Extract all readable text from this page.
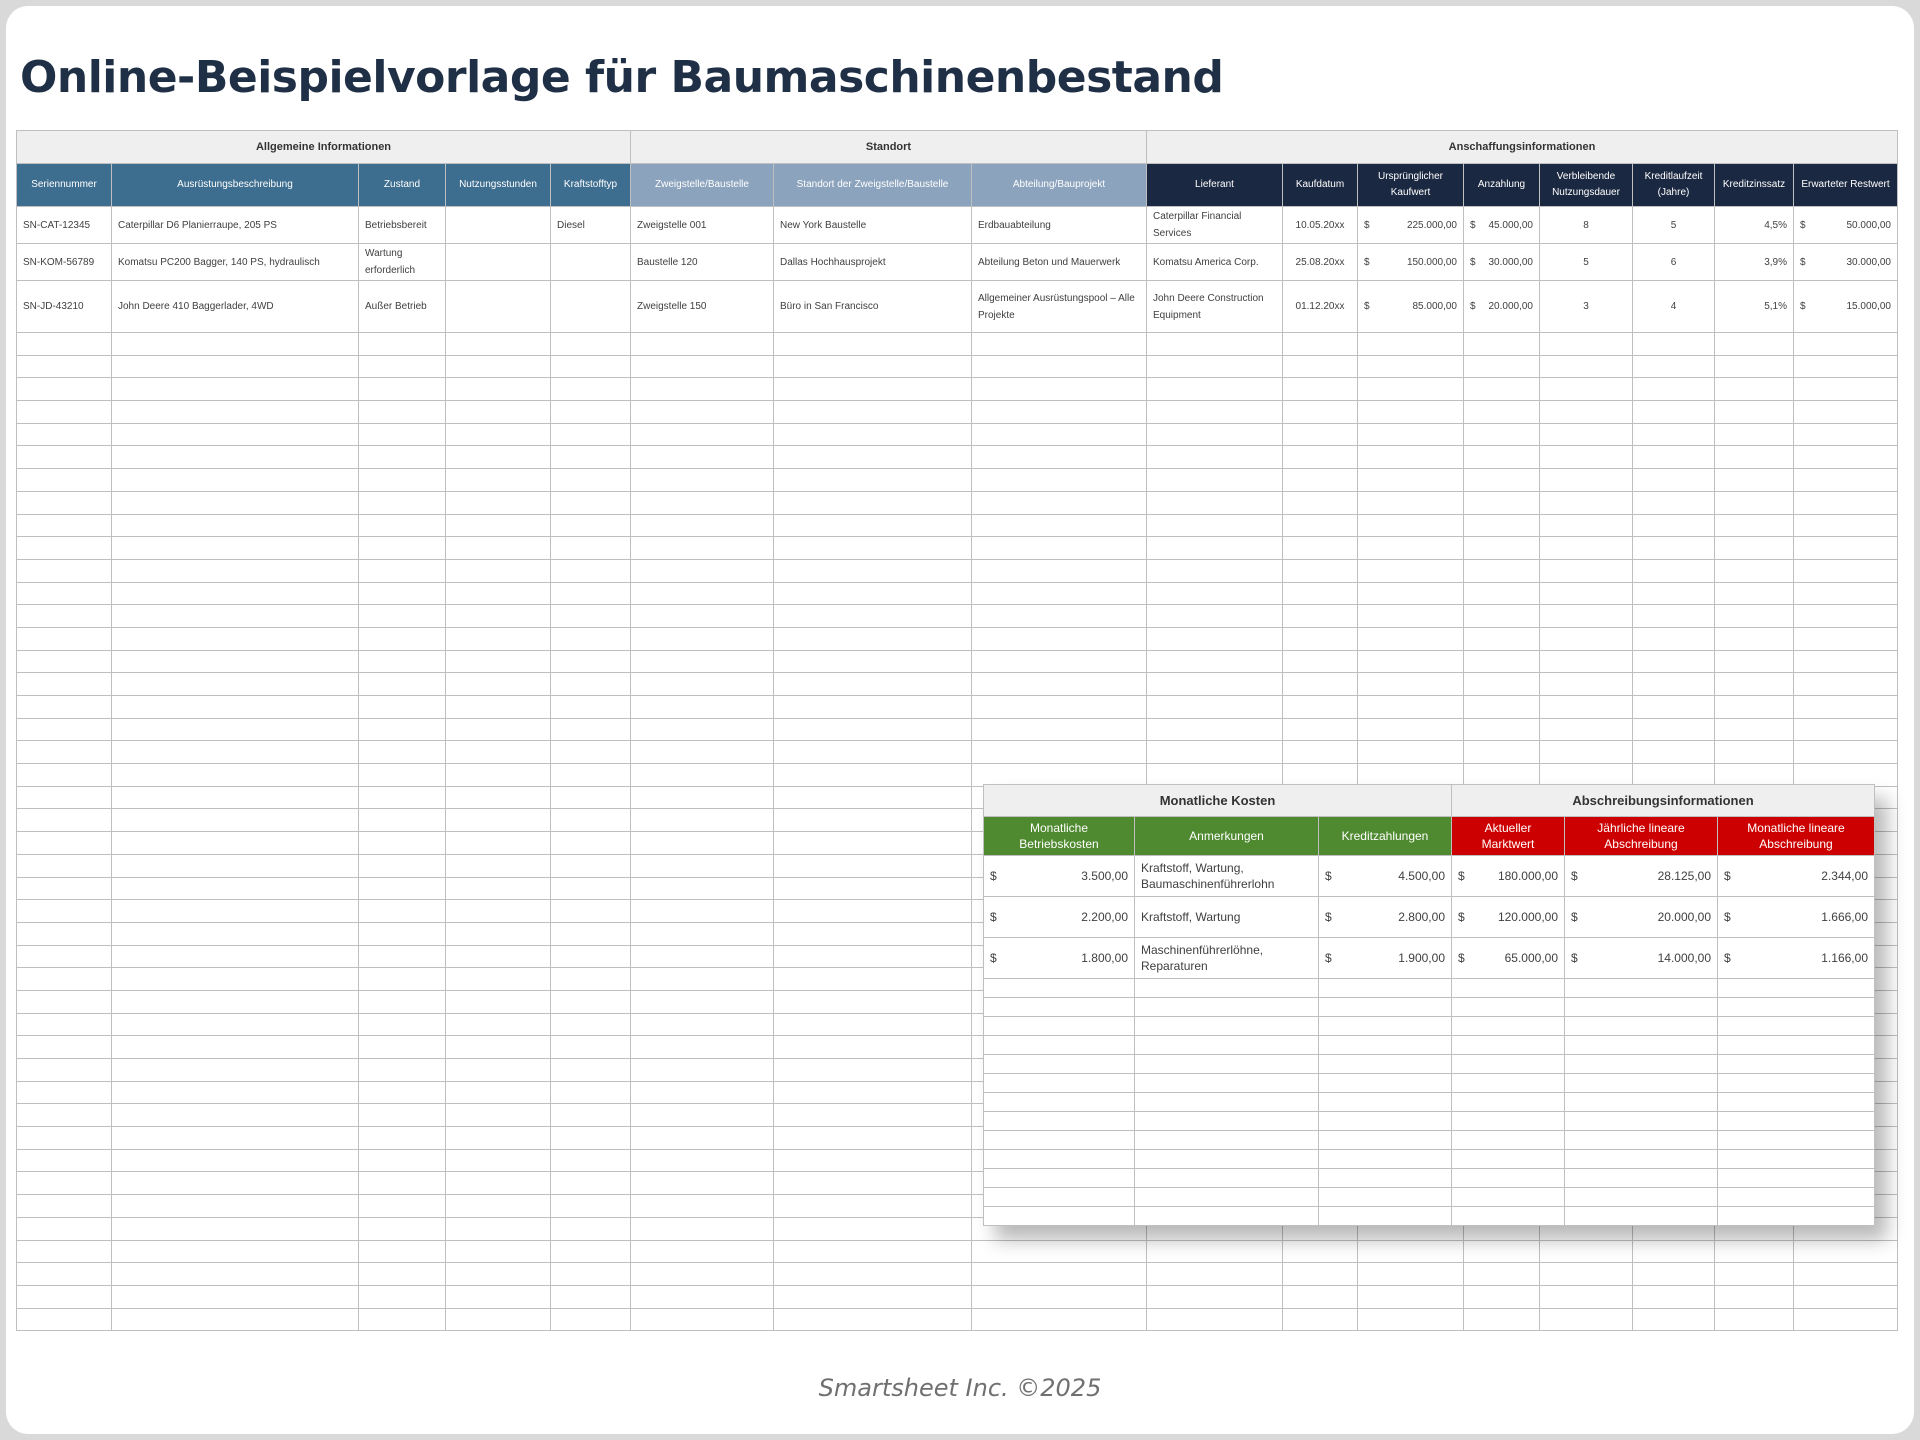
Online-Beispielvorlage für Baumaschinenbestand
Allgemeine Informationen					Standort			Anschaffungsinformationen							
Seriennummer	Ausrüstungsbeschreibung	Zustand	Nutzungsstunden	Kraftstofftyp	Zweigstelle/Baustelle	Standort der Zweigstelle/Baustelle	Abteilung/Bauprojekt	Lieferant	Kaufdatum	Ursprünglicher Kaufwert	Anzahlung	Verbleibende Nutzungsdauer	Kreditlaufzeit (Jahre)	Kreditzinssatz	Erwarteter Restwert
SN-CAT-12345	Caterpillar D6 Planierraupe, 205 PS	Betriebsbereit		Diesel	Zweigstelle 001	New York Baustelle	Erdbauabteilung	Caterpillar Financial Services	10.05.20xx	$ 225.000,00	$ 45.000,00	8	5	4,5%	$ 50.000,00
SN-KOM-56789	Komatsu PC200 Bagger, 140 PS, hydraulisch	Wartung erforderlich			Baustelle 120	Dallas Hochhausprojekt	Abteilung Beton und Mauerwerk	Komatsu America Corp.	25.08.20xx	$ 150.000,00	$ 30.000,00	5	6	3,9%	$ 30.000,00
SN-JD-43210	John Deere 410 Baggerlader, 4WD	Außer Betrieb			Zweigstelle 150	Büro in San Francisco	Allgemeiner Ausrüstungspool – Alle Projekte	John Deere Construction Equipment	01.12.20xx	$ 85.000,00	$ 20.000,00	3	4	5,1%	$ 15.000,00

Monatliche Kosten			Abschreibungsinformationen		
Monatliche Betriebskosten	Anmerkungen	Kreditzahlungen	Aktueller Marktwert	Jährliche lineare Abschreibung	Monatliche lineare Abschreibung

$ 3.500,00	Kraftstoff, Wartung, Baumaschinenführerlohn	$ 4.500,00	$ 180.000,00	$ 28.125,00	$ 2.344,00

$ 2.200,00	Kraftstoff, Wartung	$ 2.800,00	$ 120.000,00	$ 20.000,00	$ 1.666,00

$ 1.800,00	Maschinenführerlöhne, Reparaturen	$ 1.900,00	$ 65.000,00	$ 14.000,00	$ 1.166,00

Smartsheet Inc. ©2025
